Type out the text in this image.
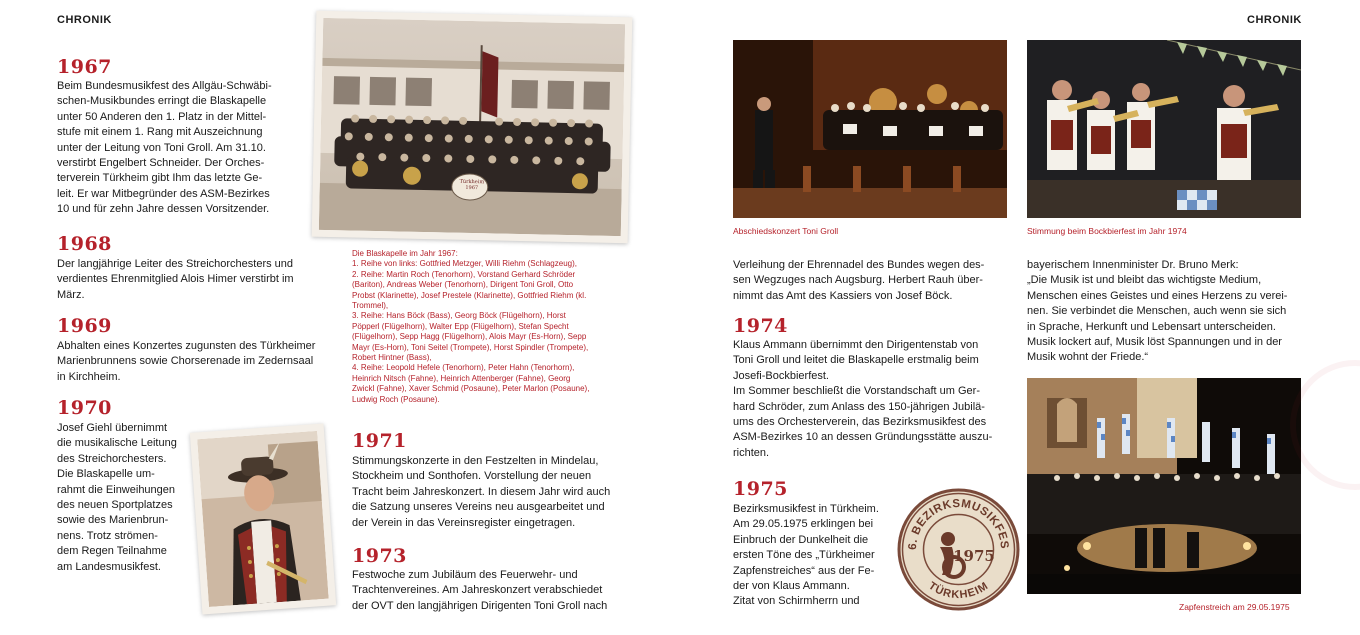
CHRONIK
1967
Beim Bundesmusikfest des Allgäu-Schwäbi-
schen-Musikbundes erringt die Blaskapelle
unter 50 Anderen den 1. Platz in der Mittel-
stufe mit einem 1. Rang mit Auszeichnung
unter der Leitung von Toni Groll. Am 31.10.
verstirbt Engelbert Schneider. Der Orches-
terverein Türkheim gibt Ihm das letzte Ge-
leit. Er war Mitbegründer des ASM-Bezirkes
10 und für zehn Jahre dessen Vorsitzender.
1968
Der langjährige Leiter des Streichorchesters und
verdientes Ehrenmitglied Alois Himer verstirbt im
März.
1969
Abhalten eines Konzertes zugunsten des Türkheimer
Marienbrunnens sowie Chorserenade im Zedernsaal
in Kirchheim.
1970
Josef Giehl übernimmt
die musikalische Leitung
des Streichorchesters.
Die Blaskapelle um-
rahmt die Einweihungen
des neuen Sportplatzes
sowie des Marienbrun-
nens. Trotz strömen-
dem Regen Teilnahme
am Landesmusikfest.
Türkheim 1967
Die Blaskapelle im Jahr 1967:
1. Reihe von links: Gottfried Metzger, Willi Riehm (Schlagzeug),
2. Reihe: Martin Roch (Tenorhorn), Vorstand Gerhard Schröder
(Bariton), Andreas Weber (Tenorhorn), Dirigent Toni Groll, Otto
Probst (Klarinette), Josef Prestele (Klarinette), Gottfried Riehm (kl.
Trommel),
3. Reihe: Hans Böck (Bass), Georg Böck (Flügelhorn), Horst
Pöpperl (Flügelhorn), Walter Epp (Flügelhorn), Stefan Specht
(Flügelhorn), Sepp Hagg (Flügelhorn), Alois Mayr (Es-Horn), Sepp
Mayr (Es-Horn), Toni Seitel (Trompete), Horst Spindler (Trompete),
Robert Hintner (Bass),
4. Reihe: Leopold Hefele (Tenorhorn), Peter Hahn (Tenorhorn),
Heinrich Nitsch (Fahne), Heinrich Attenberger (Fahne), Georg
Zwickl (Fahne), Xaver Schmid (Posaune), Peter Marlon (Posaune),
Ludwig Roch (Posaune).
1971
Stimmungskonzerte in den Festzelten in Mindelau,
Stockheim und Sonthofen. Vorstellung der neuen
Tracht beim Jahreskonzert. In diesem Jahr wird auch
die Satzung unseres Vereins neu ausgearbeitet und
der Verein in das Vereinsregister eingetragen.
1973
Festwoche zum Jubiläum des Feuerwehr- und
Trachtenvereines. Am Jahreskonzert verabschiedet
der OVT den langjährigen Dirigenten Toni Groll nach
CHRONIK
Abschiedskonzert Toni Groll	Stimmung beim Bockbierfest im Jahr 1974
Verleihung der Ehrennadel des Bundes wegen des-
sen Wegzuges nach Augsburg. Herbert Rauh über-
nimmt das Amt des Kassiers von Josef Böck.
1974
Klaus Ammann übernimmt den Dirigentenstab von
Toni Groll und leitet die Blaskapelle erstmalig beim
Josefi-Bockbierfest.
Im Sommer beschließt die Vorstandschaft um Ger-
hard Schröder, zum Anlass des 150-jährigen Jubilä-
ums des Orchesterverein, das Bezirksmusikfest des
ASM-Bezirkes 10 an dessen Gründungsstätte auszu-
richten.
1975
Bezirksmusikfest in Türkheim.
Am 29.05.1975 erklingen bei
Einbruch der Dunkelheit die
ersten Töne des „Türkheimer
Zapfenstreiches“ aus der Fe-
der von Klaus Ammann.
Zitat von Schirmherrn und
6. BEZIRKSMUSIKFES
TÜRKHEIM
1975
bayerischem Innenminister Dr. Bruno Merk:
„Die Musik ist und bleibt das wichtigste Medium,
Menschen eines Geistes und eines Herzens zu verei-
nen. Sie verbindet die Menschen, auch wenn sie sich
in Sprache, Herkunft und Lebensart unterscheiden.
Musik lockert auf, Musik löst Spannungen und in der
Musik wohnt der Friede.“
Zapfenstreich am 29.05.1975
